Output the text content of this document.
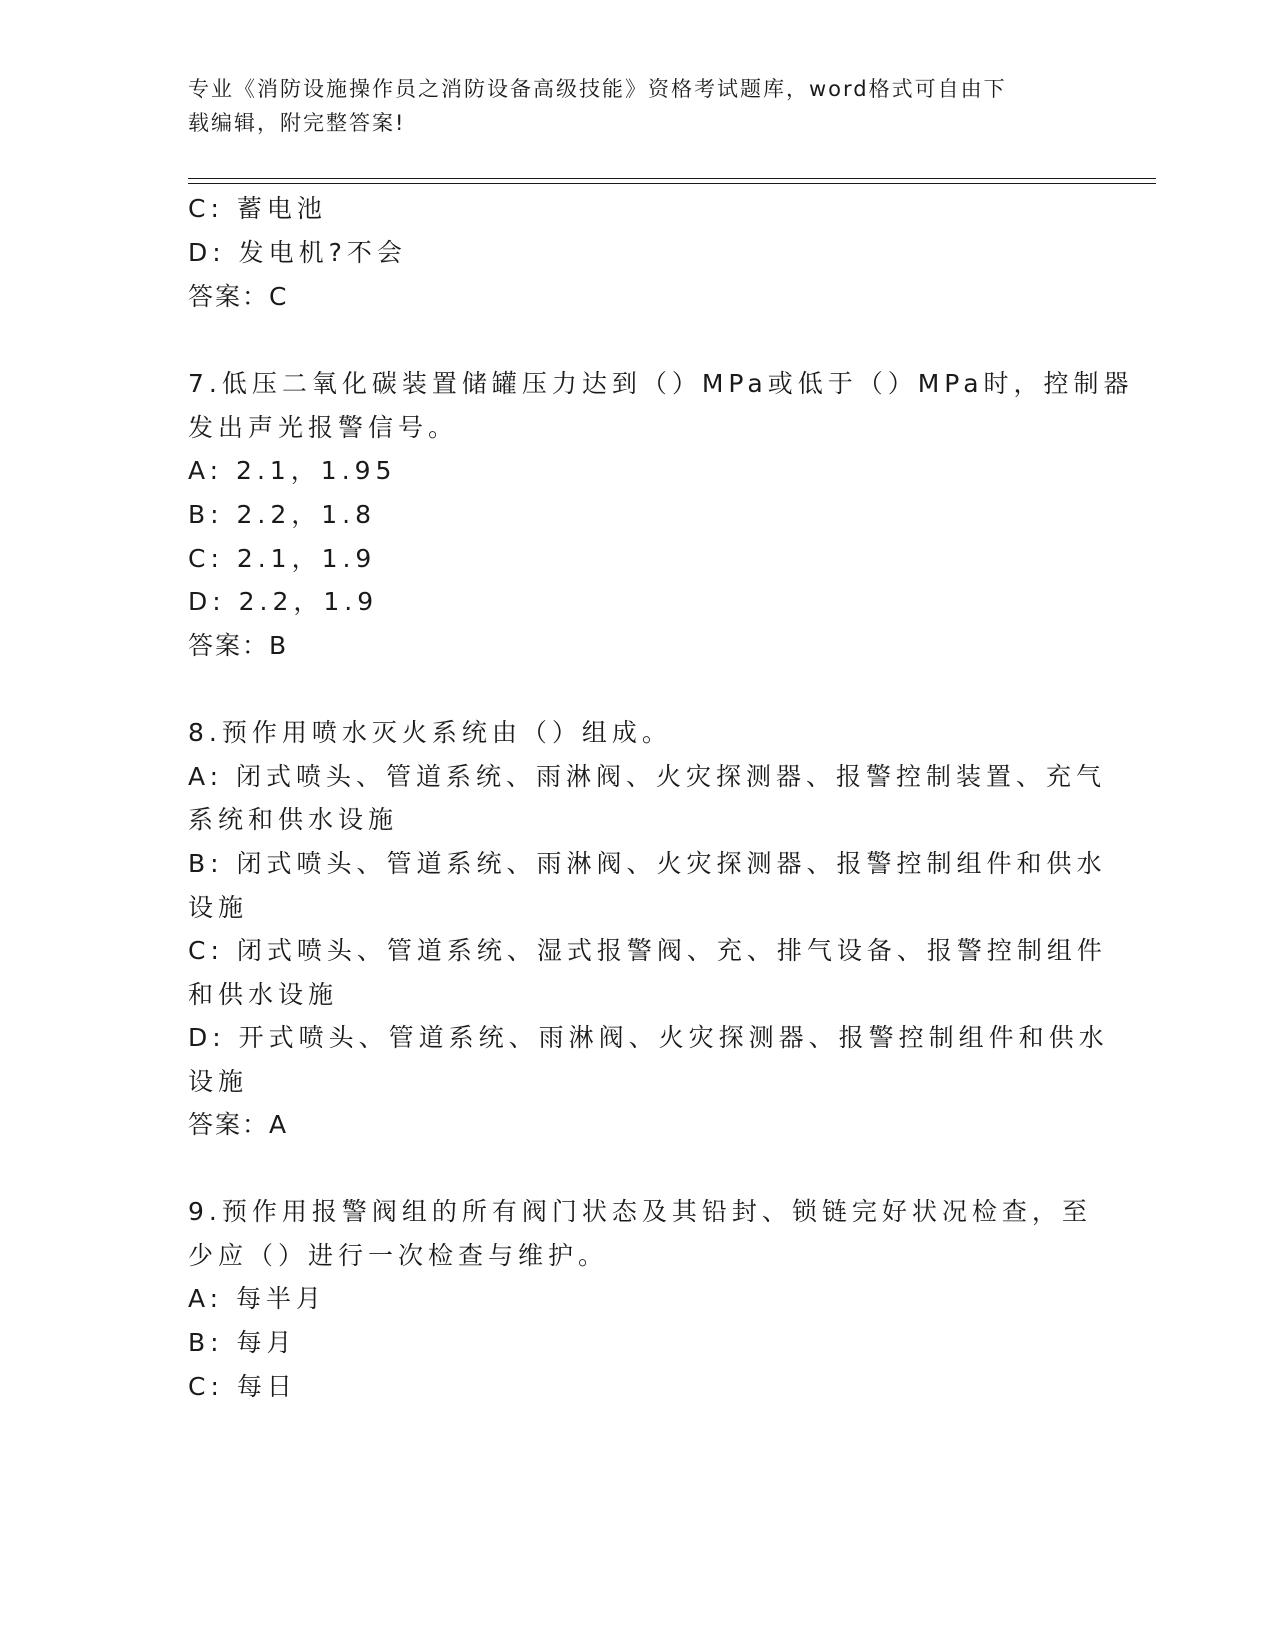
专业《消防设施操作员之消防设备高级技能》资格考试题库，word格式可自由下
载编辑，附完整答案!
C: 蓄电池
D: 发电机?不会
答案：C
7.低压二氧化碳装置储罐压力达到（）MPa或低于（）MPa时，控制器
发出声光报警信号。
A: 2.1，1.95
B: 2.2，1.8
C: 2.1，1.9
D: 2.2，1.9
答案：B
8.预作用喷水灭火系统由（）组成。
A: 闭式喷头、管道系统、雨淋阀、火灾探测器、报警控制装置、充气
系统和供水设施
B: 闭式喷头、管道系统、雨淋阀、火灾探测器、报警控制组件和供水
设施
C: 闭式喷头、管道系统、湿式报警阀、充、排气设备、报警控制组件
和供水设施
D: 开式喷头、管道系统、雨淋阀、火灾探测器、报警控制组件和供水
设施
答案：A
9.预作用报警阀组的所有阀门状态及其铅封、锁链完好状况检查，至
少应（）进行一次检查与维护。
A: 每半月
B: 每月
C: 每日
